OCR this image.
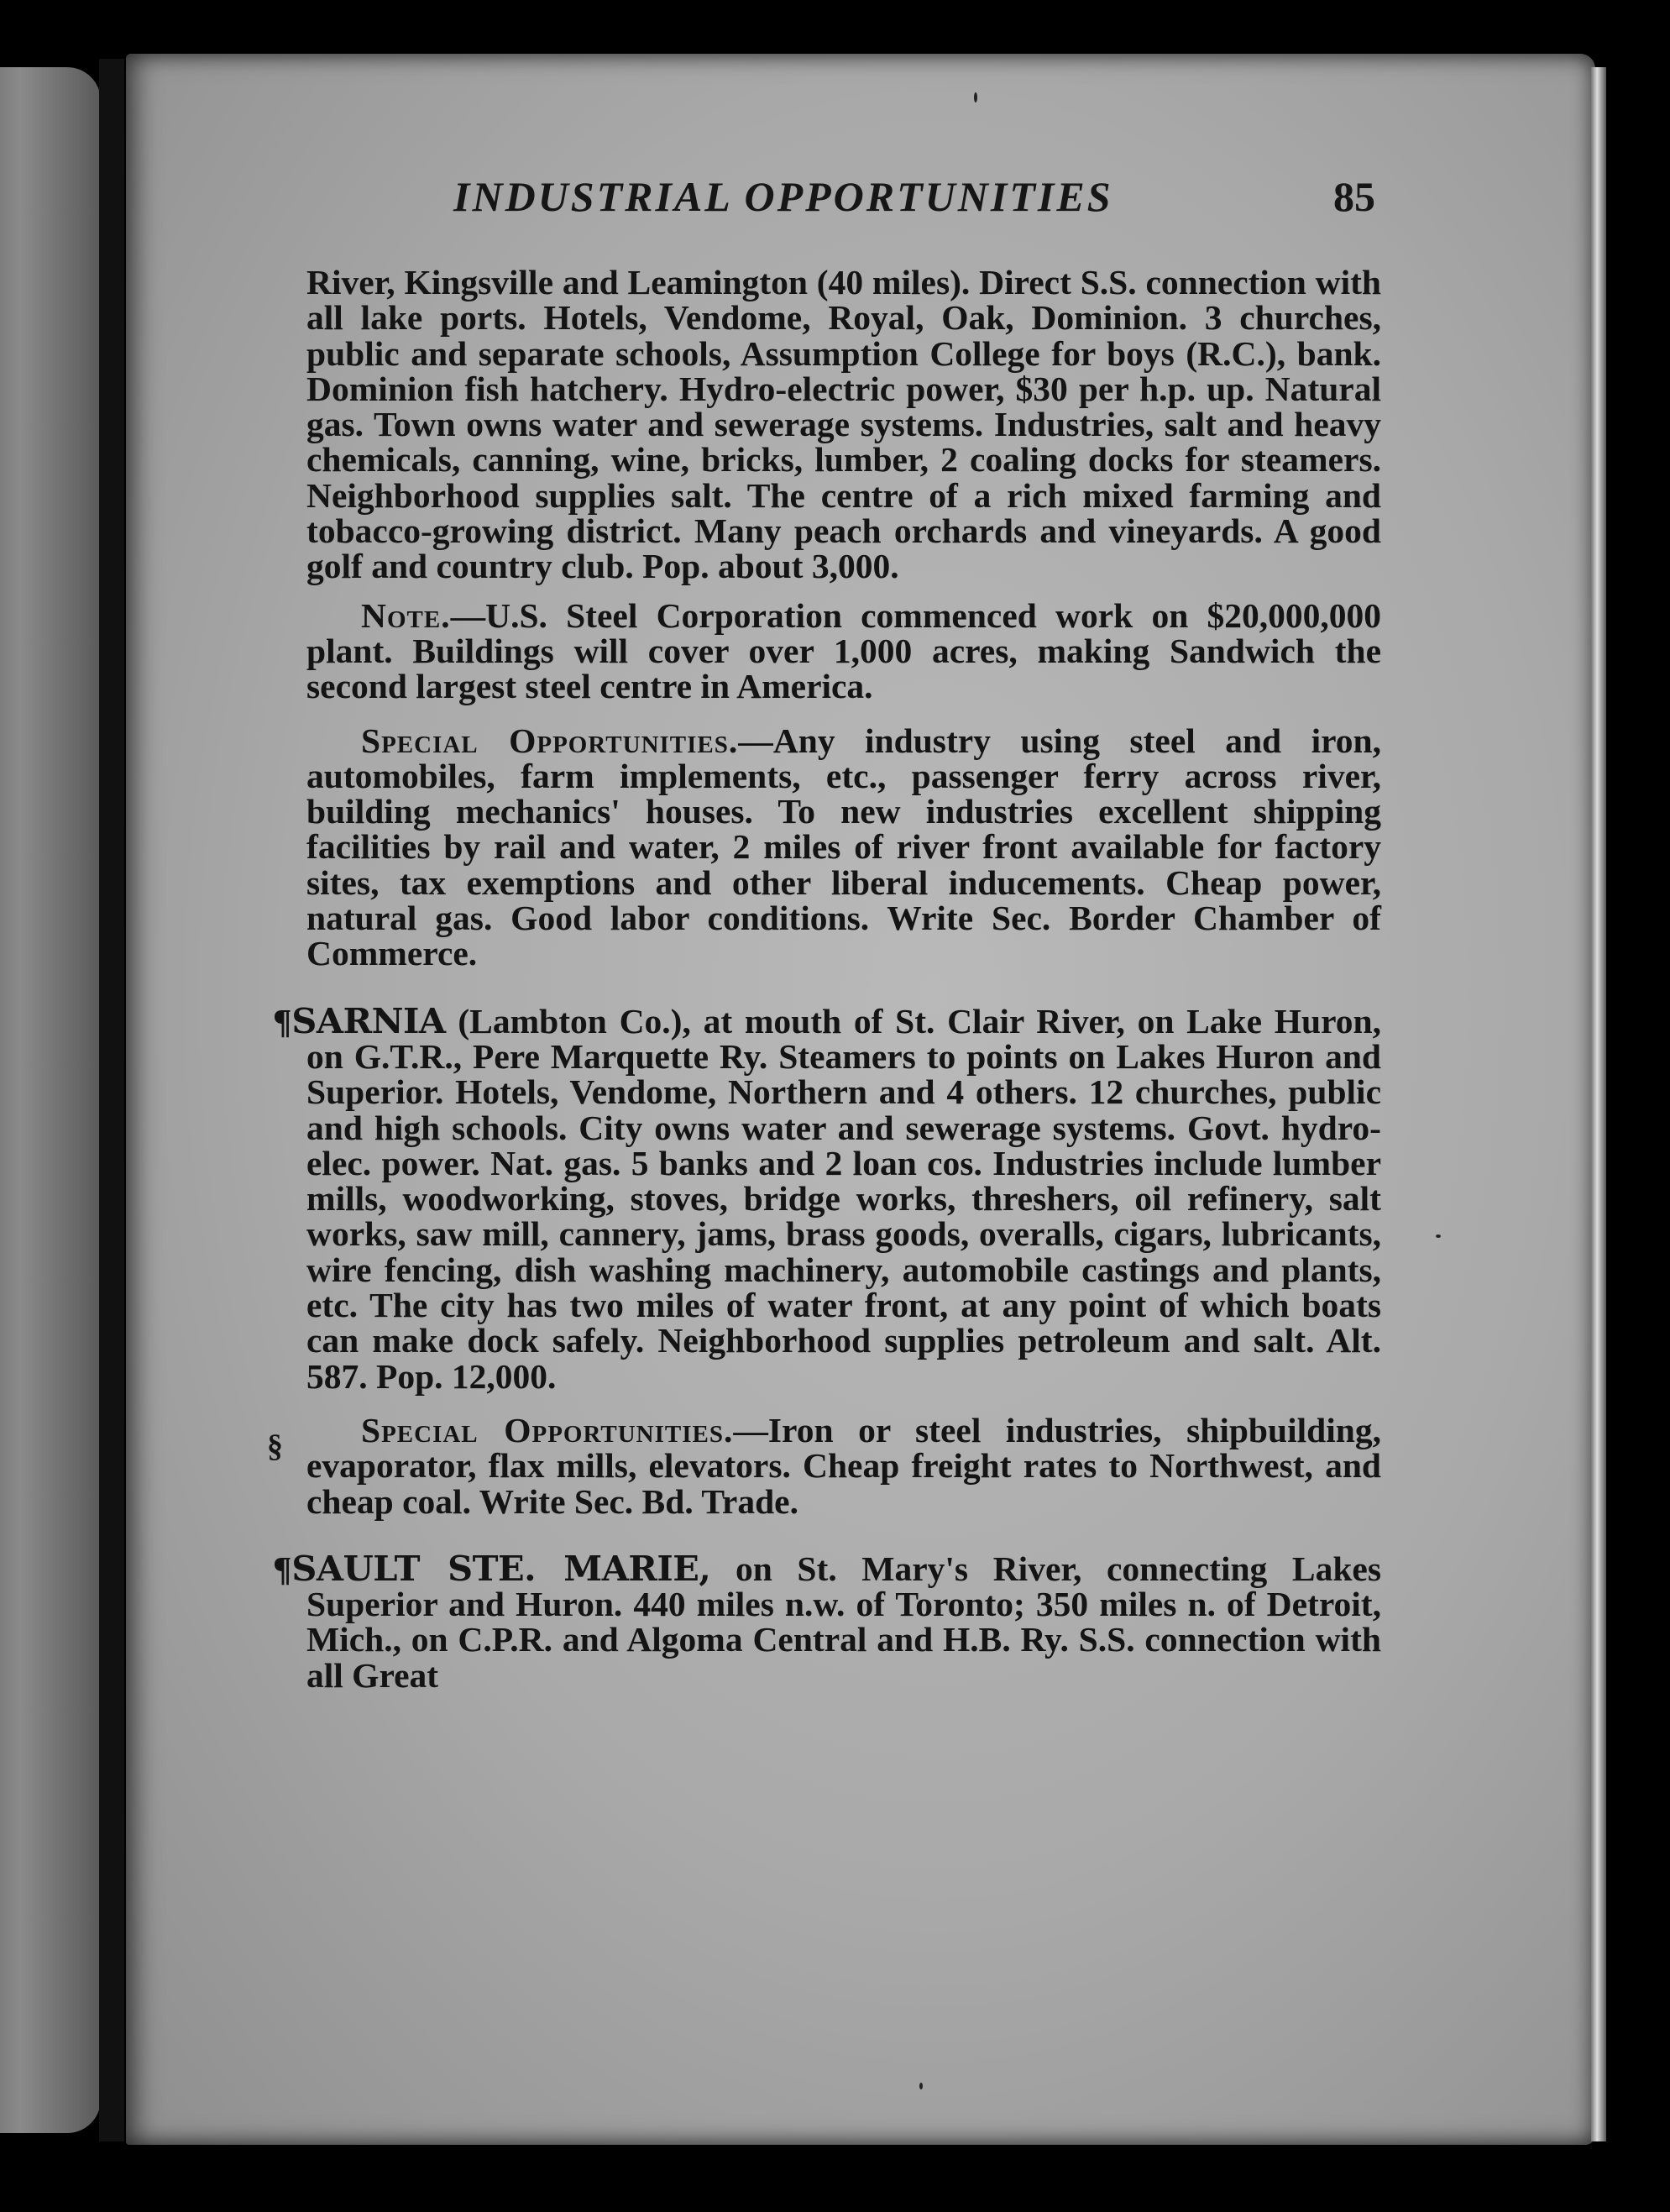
INDUSTRIAL OPPORTUNITIES	85
§

River, Kingsville and Leamington (40 miles). Direct S.S. connection with all lake ports. Hotels, Vendome, Royal, Oak, Dominion. 3 churches, public and separate schools, Assumption College for boys (R.C.), bank. Dominion fish hatchery. Hydro-electric power, $30 per h.p. up. Natural gas. Town owns water and sewerage systems. Industries, salt and heavy chemicals, canning, wine, bricks, lumber, 2 coaling docks for steamers. Neighborhood supplies salt. The centre of a rich mixed farming and tobacco-growing district. Many peach orchards and vineyards. A good golf and country club. Pop. about 3,000.

Note.—U.S. Steel Corporation commenced work on $20,000,000 plant. Buildings will cover over 1,000 acres, making Sandwich the second largest steel centre in America.

Special Opportunities.—Any industry using steel and iron, automobiles, farm implements, etc., passenger ferry across river, building mechanics' houses. To new industries excellent shipping facilities by rail and water, 2 miles of river front available for factory sites, tax exemptions and other liberal inducements. Cheap power, natural gas. Good labor conditions. Write Sec. Border Chamber of Commerce.

¶SARNIA (Lambton Co.), at mouth of St. Clair River, on Lake Huron, on G.T.R., Pere Marquette Ry. Steamers to points on Lakes Huron and Superior. Hotels, Vendome, Northern and 4 others. 12 churches, public and high schools. City owns water and sewerage systems. Govt. hydro-elec. power. Nat. gas. 5 banks and 2 loan cos. Industries include lumber mills, woodworking, stoves, bridge works, threshers, oil refinery, salt works, saw mill, cannery, jams, brass goods, overalls, cigars, lubricants, wire fencing, dish washing machinery, automobile castings and plants, etc. The city has two miles of water front, at any point of which boats can make dock safely. Neighborhood supplies petroleum and salt. Alt. 587. Pop. 12,000.

Special Opportunities.—Iron or steel industries, shipbuilding, evaporator, flax mills, elevators. Cheap freight rates to Northwest, and cheap coal. Write Sec. Bd. Trade.

¶SAULT STE. MARIE, on St. Mary's River, connecting Lakes Superior and Huron. 440 miles n.w. of Toronto; 350 miles n. of Detroit, Mich., on C.P.R. and Algoma Central and H.B. Ry. S.S. connection with all Great
